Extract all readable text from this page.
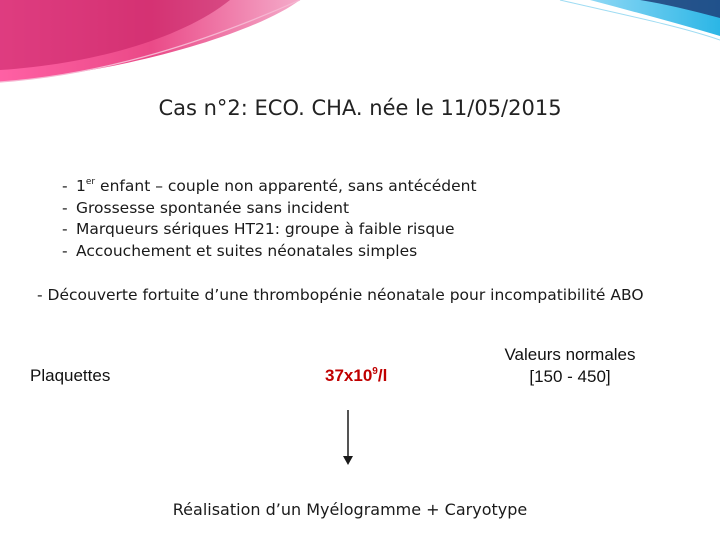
Cas n°2: ECO. CHA. née le 11/05/2015
- 1er enfant – couple non apparenté, sans antécédent
- Grossesse spontanée sans incident
- Marqueurs sériques HT21: groupe à faible risque
- Accouchement et suites néonatales simples
- Découverte fortuite d’une thrombopénie néonatale pour incompatibilité ABO
Plaquettes	$37x10^9/l$
Valeurs normales
[150 - 450]
Réalisation d’un Myélogramme + Caryotype
